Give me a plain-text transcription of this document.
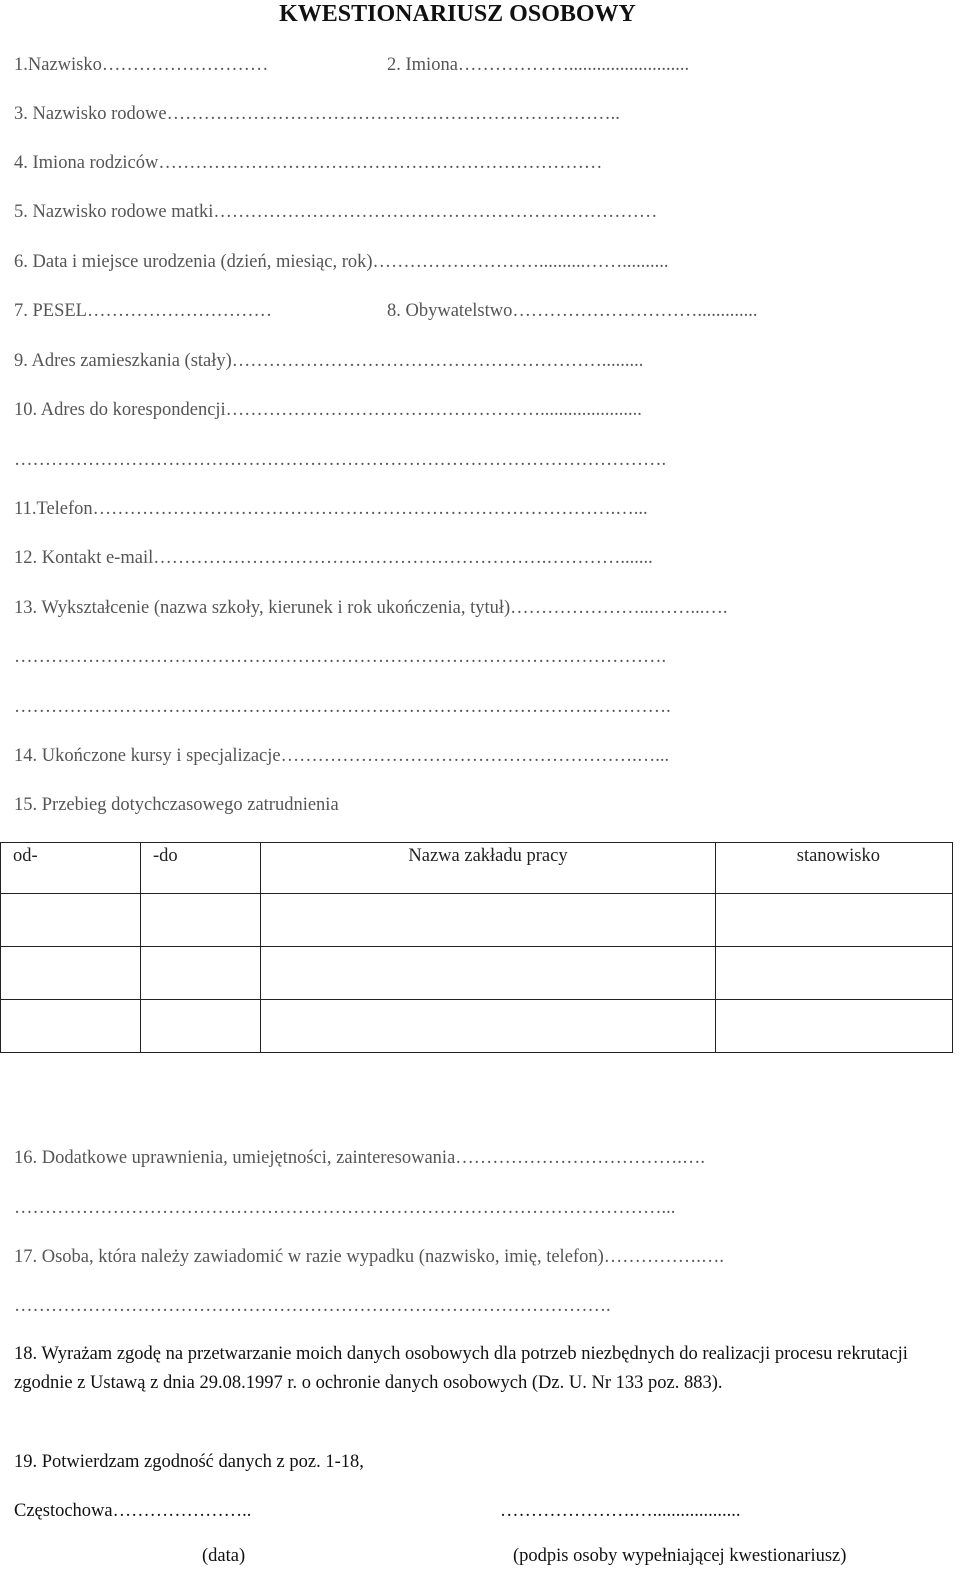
KWESTIONARIUSZ OSOBOWY
1.Nazwisko………………………	2. Imiona………………..........................
3. Nazwisko rodowe………………………………………………………………..
4. Imiona rodziców………………………………………………………………
5. Nazwisko rodowe matki………………………………………………………………
6. Data i miejsce urodzenia (dzień, miesiąc, rok)………………………..........……..........
7. PESEL…………………………	8. Obywatelstwo………………………….............
9. Adres zamieszkania (stały)…………………………………………………….........
10. Adres do korespondencji……………………………………………......................
…………………………………………………………………………………………….
11.Telefon………………………………………………………………………….…...
12. Kontakt e-mail……………………………………………………….………….......
13. Wykształcenie (nazwa szkoły, kierunek i rok ukończenia, tytuł)…………………...……...….
…………………………………………………………………………………………….
………………………………………………………………………………….………….
14. Ukończone kursy i specjalizacje………………………………………………….…...
15. Przebieg dotychczasowego zatrudnienia
od-	-do	Nazwa zakładu pracy	stanowisko

16. Dodatkowe uprawnienia, umiejętności, zainteresowania……………………………….….
……………………………………………………………………………………………...
17. Osoba, która należy zawiadomić w razie wypadku (nazwisko, imię, telefon)…………….….
…………………………………………………………………………………….
18. Wyrażam zgodę na przetwarzanie moich danych osobowych dla potrzeb niezbędnych do realizacji procesu rekrutacji zgodnie z Ustawą z dnia 29.08.1997 r. o ochronie danych osobowych (Dz. U. Nr 133 poz. 883).
19. Potwierdzam zgodność danych z poz. 1-18,
Częstochowa…………………..	………………….…...................
(data)	(podpis osoby wypełniającej kwestionariusz)
